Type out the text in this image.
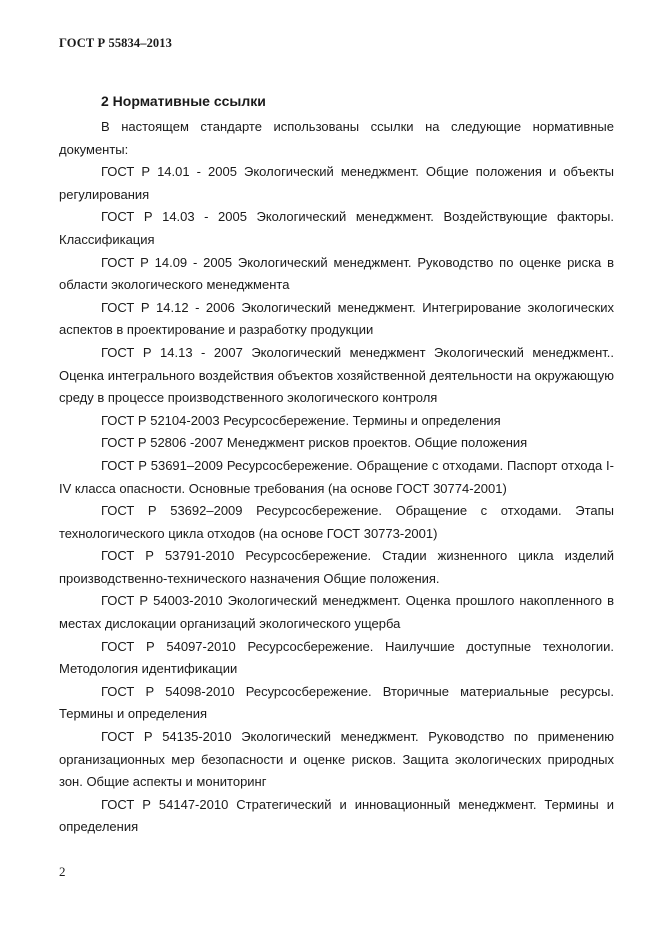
ГОСТ Р 55834–2013
2 Нормативные ссылки

В настоящем стандарте использованы ссылки на следующие нормативные документы:

ГОСТ Р 14.01 - 2005 Экологический менеджмент. Общие положения и объекты регулирования

ГОСТ Р 14.03 - 2005 Экологический менеджмент. Воздействующие факторы. Классификация

ГОСТ Р 14.09 - 2005 Экологический менеджмент. Руководство по оценке риска в области экологического менеджмента

ГОСТ Р 14.12 - 2006 Экологический менеджмент. Интегрирование экологических аспектов в проектирование и разработку продукции

ГОСТ Р 14.13 - 2007 Экологический менеджмент Экологический менеджмент.. Оценка интегрального воздействия объектов хозяйственной деятельности на окружающую среду в процессе производственного экологического контроля

ГОСТ Р 52104-2003 Ресурсосбережение. Термины и определения

ГОСТ Р 52806 -2007 Менеджмент рисков проектов. Общие положения

ГОСТ Р 53691–2009 Ресурсосбережение. Обращение с отходами. Паспорт отхода I-IV класса опасности. Основные требования (на основе ГОСТ 30774-2001)

ГОСТ Р 53692–2009 Ресурсосбережение. Обращение с отходами. Этапы технологического цикла отходов (на основе ГОСТ 30773-2001)

ГОСТ Р 53791-2010 Ресурсосбережение. Стадии жизненного цикла изделий производственно-технического назначения Общие положения.

ГОСТ Р 54003-2010 Экологический менеджмент. Оценка прошлого накопленного в местах дислокации организаций экологического ущерба

ГОСТ Р 54097-2010 Ресурсосбережение. Наилучшие доступные технологии. Методология идентификации

ГОСТ Р 54098-2010 Ресурсосбережение. Вторичные материальные ресурсы. Термины и определения

ГОСТ Р 54135-2010 Экологический менеджмент. Руководство по применению организационных мер безопасности и оценке рисков. Защита экологических природных зон. Общие аспекты и мониторинг

ГОСТ Р 54147-2010 Стратегический и инновационный менеджмент. Термины и определения

2
